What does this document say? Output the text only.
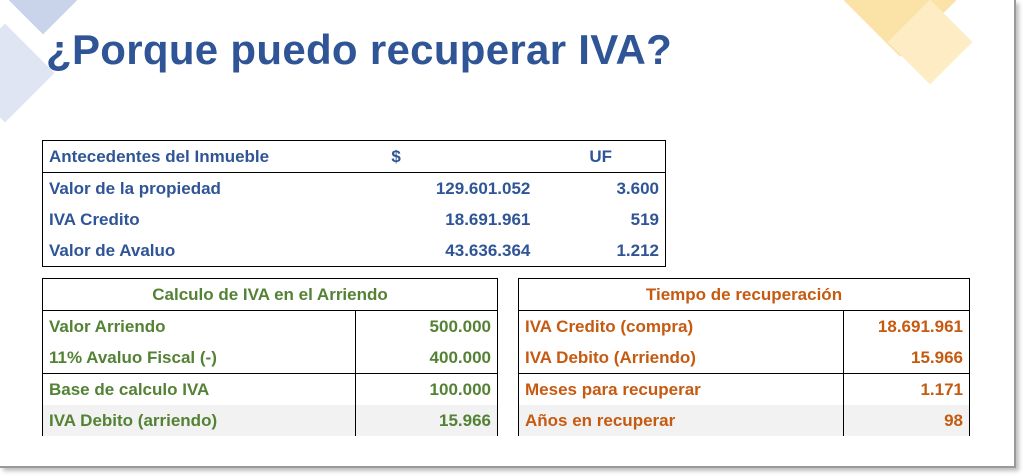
¿Porque puedo recuperar IVA?
Antecedentes del Inmueble	$	UF
Valor de la propiedad	129.601.052	3.600
IVA Credito	18.691.961	519
Valor de Avaluo	43.636.364	1.212
Calculo de IVA en el Arriendo	
Valor Arriendo	500.000
11% Avaluo Fiscal (-)	400.000
Base de calculo IVA	100.000
IVA Debito (arriendo)	15.966
Tiempo de recuperación	
IVA Credito (compra)	18.691.961
IVA Debito (Arriendo)	15.966
Meses para recuperar	1.171
Años en recuperar	98
